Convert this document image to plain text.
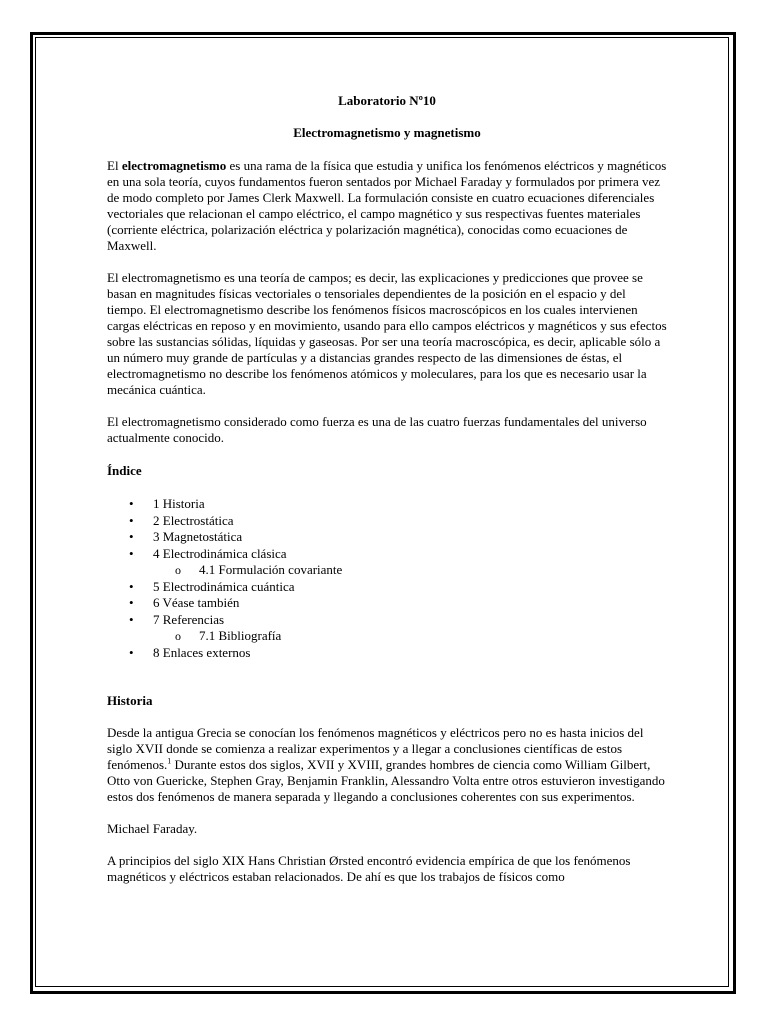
Laboratorio Nº10

Electromagnetismo y magnetismo

El electromagnetismo es una rama de la física que estudia y unifica los fenómenos eléctricos y magnéticos en una sola teoría, cuyos fundamentos fueron sentados por Michael Faraday y formulados por primera vez de modo completo por James Clerk Maxwell. La formulación consiste en cuatro ecuaciones diferenciales vectoriales que relacionan el campo eléctrico, el campo magnético y sus respectivas fuentes materiales (corriente eléctrica, polarización eléctrica y polarización magnética), conocidas como ecuaciones de Maxwell.

El electromagnetismo es una teoría de campos; es decir, las explicaciones y predicciones que provee se basan en magnitudes físicas vectoriales o tensoriales dependientes de la posición en el espacio y del tiempo. El electromagnetismo describe los fenómenos físicos macroscópicos en los cuales intervienen cargas eléctricas en reposo y en movimiento, usando para ello campos eléctricos y magnéticos y sus efectos sobre las sustancias sólidas, líquidas y gaseosas. Por ser una teoría macroscópica, es decir, aplicable sólo a un número muy grande de partículas y a distancias grandes respecto de las dimensiones de éstas, el electromagnetismo no describe los fenómenos atómicos y moleculares, para los que es necesario usar la mecánica cuántica.

El electromagnetismo considerado como fuerza es una de las cuatro fuerzas fundamentales del universo actualmente conocido.

Índice

• 1 Historia
• 2 Electrostática
• 3 Magnetostática
• 4 Electrodinámica clásica
o 4.1 Formulación covariante
• 5 Electrodinámica cuántica
• 6 Véase también
• 7 Referencias
o 7.1 Bibliografía
• 8 Enlaces externos

Historia

Desde la antigua Grecia se conocían los fenómenos magnéticos y eléctricos pero no es hasta inicios del siglo XVII donde se comienza a realizar experimentos y a llegar a conclusiones científicas de estos fenómenos.$^1$ Durante estos dos siglos, XVII y XVIII, grandes hombres de ciencia como William Gilbert, Otto von Guericke, Stephen Gray, Benjamin Franklin, Alessandro Volta entre otros estuvieron investigando estos dos fenómenos de manera separada y llegando a conclusiones coherentes con sus experimentos.

Michael Faraday.

A principios del siglo XIX Hans Christian Ørsted encontró evidencia empírica de que los fenómenos magnéticos y eléctricos estaban relacionados. De ahí es que los trabajos de físicos como
